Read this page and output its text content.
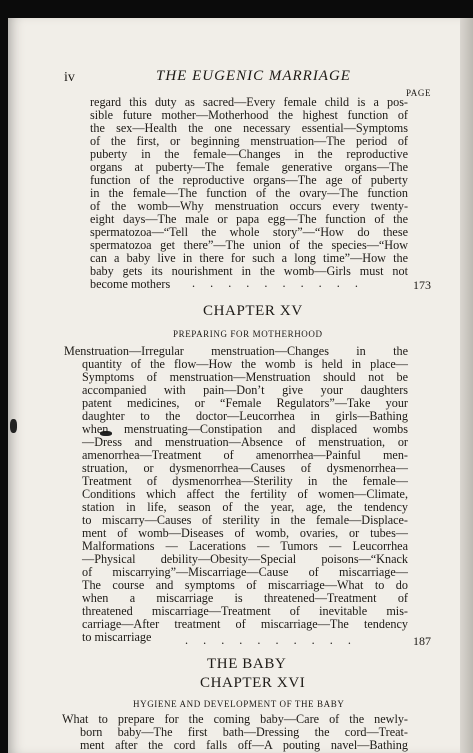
iv	THE EUGENIC MARRIAGE
PAGE
regard this duty as sacred—Every female child is a pos-
sible future mother—Motherhood the highest function of
the sex—Health the one necessary essential—Symptoms
of the first, or beginning menstruation—The period of
puberty in the female—Changes in the reproductive
organs at puberty—The female generative organs—The
function of the reproductive organs—The age of puberty
in the female—The function of the ovary—The function
of the womb—Why menstruation occurs every twenty-
eight days—The male or papa egg—The function of the
spermatozoa—“Tell the whole story”—“How do these
spermatozoa get there”—The union of the species—“How
can a baby live in there for such a long time”—How the
baby gets its nourishment in the womb—Girls must not
become mothers . . . . . . . . . .	173
CHAPTER XV
PREPARING FOR MOTHERHOOD
Menstruation—Irregular menstruation—Changes in the
quantity of the flow—How the womb is held in place—
Symptoms of menstruation—Menstruation should not be
accompanied with pain—Don’t give your daughters
patent medicines, or “Female Regulators”—Take your
daughter to the doctor—Leucorrhea in girls—Bathing
when menstruating—Constipation and displaced wombs
—Dress and menstruation—Absence of menstruation, or
amenorrhea—Treatment of amenorrhea—Painful men-
struation, or dysmenorrhea—Causes of dysmenorrhea—
Treatment of dysmenorrhea—Sterility in the female—
Conditions which affect the fertility of women—Climate,
station in life, season of the year, age, the tendency
to miscarry—Causes of sterility in the female—Displace-
ment of womb—Diseases of womb, ovaries, or tubes—
Malformations — Lacerations — Tumors — Leucorrhea
—Physical debility—Obesity—Special poisons—“Knack
of miscarrying”—Miscarriage—Cause of miscarriage—
The course and symptoms of miscarriage—What to do
when a miscarriage is threatened—Treatment of
threatened miscarriage—Treatment of inevitable mis-
carriage—After treatment of miscarriage—The tendency
to miscarriage	. . . . . . . . . .	187
THE BABY
CHAPTER XVI
HYGIENE AND DEVELOPMENT OF THE BABY
What to prepare for the coming baby—Care of the newly-
born baby—The first bath—Dressing the cord—Treat-
ment after the cord falls off—A pouting navel—Bathing
